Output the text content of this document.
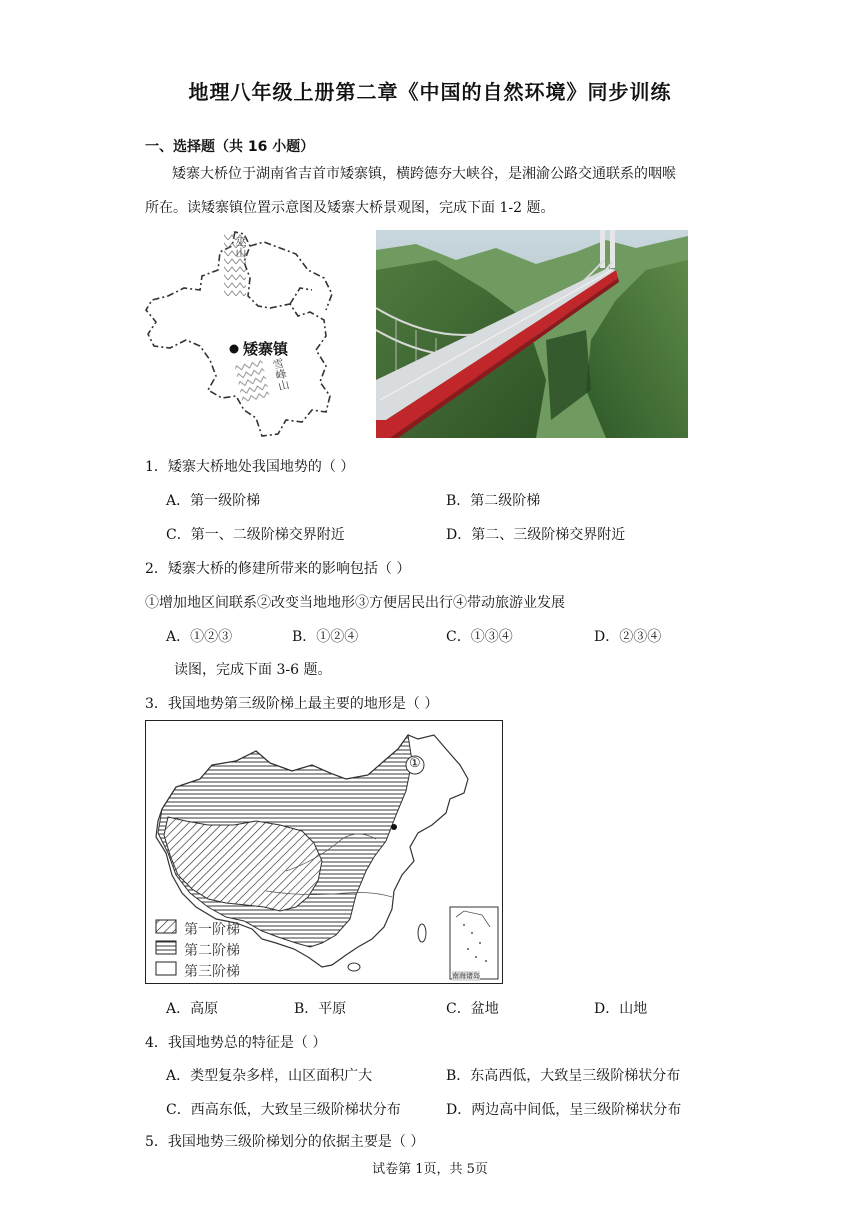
地理八年级上册第二章《中国的自然环境》同步训练
一、选择题（共 16 小题）
矮寨大桥位于湖南省吉首市矮寨镇，横跨德夯大峡谷，是湘渝公路交通联系的咽喉
所在。读矮寨镇位置示意图及矮寨大桥景观图，完成下面 1-2 题。
矮寨镇
巫山
雪峰山
1．矮寨大桥地处我国地势的（ ）
A．第一级阶梯	B．第二级阶梯
C．第一、二级阶梯交界附近	D．第二、三级阶梯交界附近
2．矮寨大桥的修建所带来的影响包括（ ）
①增加地区间联系②改变当地地形③方便居民出行④带动旅游业发展
A．①②③	B．①②④	C．①③④	D．②③④
读图，完成下面 3-6 题。
3．我国地势第三级阶梯上最主要的地形是（ ）
①
第一阶梯
第二阶梯
第三阶梯	南海诸岛
A．高原	B．平原	C．盆地	D．山地
4．我国地势总的特征是（ ）
A．类型复杂多样，山区面积广大	B．东高西低，大致呈三级阶梯状分布
C．西高东低，大致呈三级阶梯状分布	D．两边高中间低，呈三级阶梯状分布
5．我国地势三级阶梯划分的依据主要是（ ）
试卷第 1页，共 5页
